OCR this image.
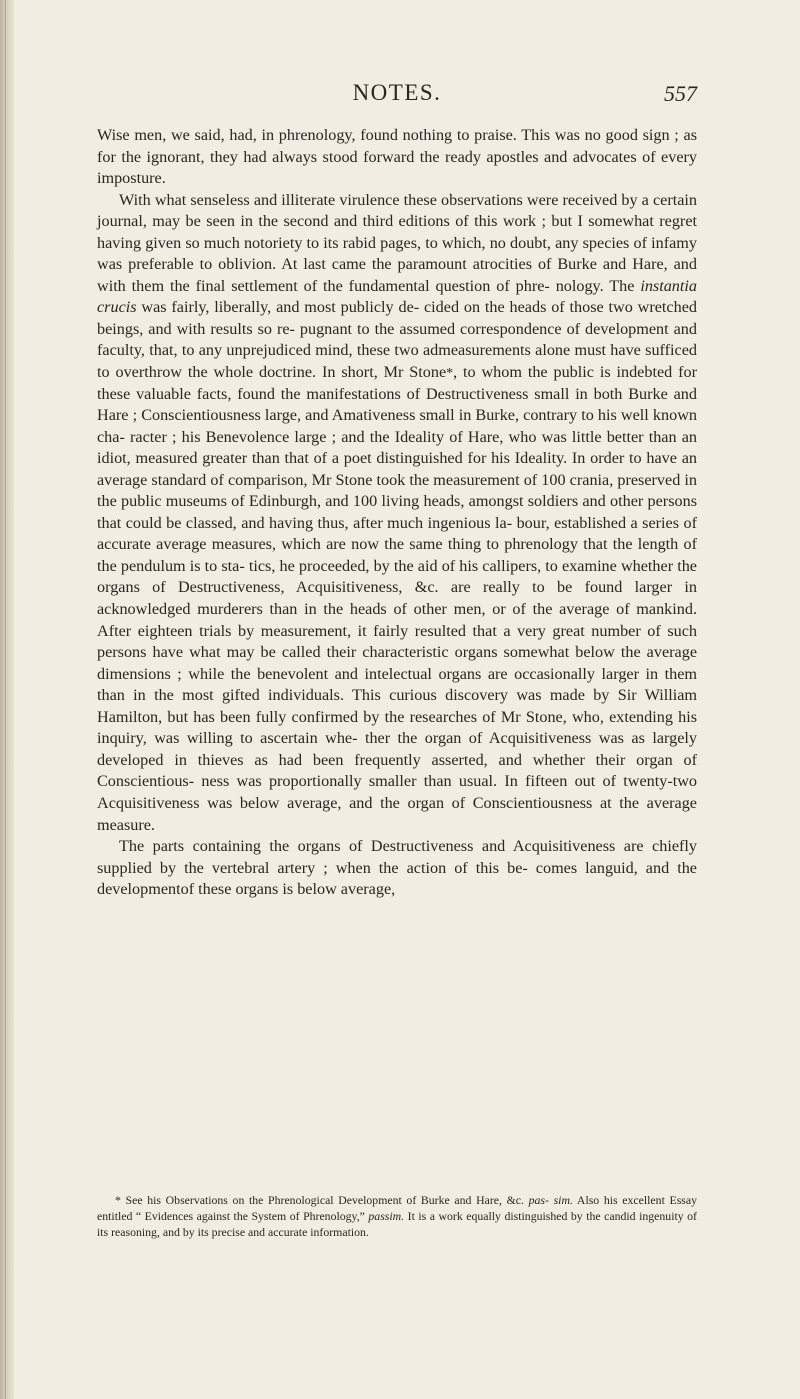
NOTES.	557

Wise men, we said, had, in phrenology, found nothing to praise. This was no good sign ; as for the ignorant, they had always stood forward the ready apostles and advocates of every imposture.

With what senseless and illiterate virulence these observations were received by a certain journal, may be seen in the second and third editions of this work ; but I somewhat regret having given so much notoriety to its rabid pages, to which, no doubt, any species of infamy was preferable to oblivion. At last came the paramount atrocities of Burke and Hare, and with them the final settlement of the fundamental question of phre- nology. The instantia crucis was fairly, liberally, and most publicly de- cided on the heads of those two wretched beings, and with results so re- pugnant to the assumed correspondence of development and faculty, that, to any unprejudiced mind, these two admeasurements alone must have sufficed to overthrow the whole doctrine. In short, Mr Stone*, to whom the public is indebted for these valuable facts, found the manifestations of Destructiveness small in both Burke and Hare ; Conscientiousness large, and Amativeness small in Burke, contrary to his well known cha- racter ; his Benevolence large ; and the Ideality of Hare, who was little better than an idiot, measured greater than that of a poet distinguished for his Ideality. In order to have an average standard of comparison, Mr Stone took the measurement of 100 crania, preserved in the public museums of Edinburgh, and 100 living heads, amongst soldiers and other persons that could be classed, and having thus, after much ingenious la- bour, established a series of accurate average measures, which are now the same thing to phrenology that the length of the pendulum is to sta- tics, he proceeded, by the aid of his callipers, to examine whether the organs of Destructiveness, Acquisitiveness, &c. are really to be found larger in acknowledged murderers than in the heads of other men, or of the average of mankind. After eighteen trials by measurement, it fairly resulted that a very great number of such persons have what may be called their characteristic organs somewhat below the average dimensions ; while the benevolent and intelectual organs are occasionally larger in them than in the most gifted individuals. This curious discovery was made by Sir William Hamilton, but has been fully confirmed by the researches of Mr Stone, who, extending his inquiry, was willing to ascertain whe- ther the organ of Acquisitiveness was as largely developed in thieves as had been frequently asserted, and whether their organ of Conscientious- ness was proportionally smaller than usual. In fifteen out of twenty-two Acquisitiveness was below average, and the organ of Conscientiousness at the average measure.

The parts containing the organs of Destructiveness and Acquisitiveness are chiefly supplied by the vertebral artery ; when the action of this be- comes languid, and the developmentof these organs is below average,

* See his Observations on the Phrenological Development of Burke and Hare, &c. pas- sim. Also his excellent Essay entitled “ Evidences against the System of Phrenology,” passim. It is a work equally distinguished by the candid ingenuity of its reasoning, and by its precise and accurate information.
